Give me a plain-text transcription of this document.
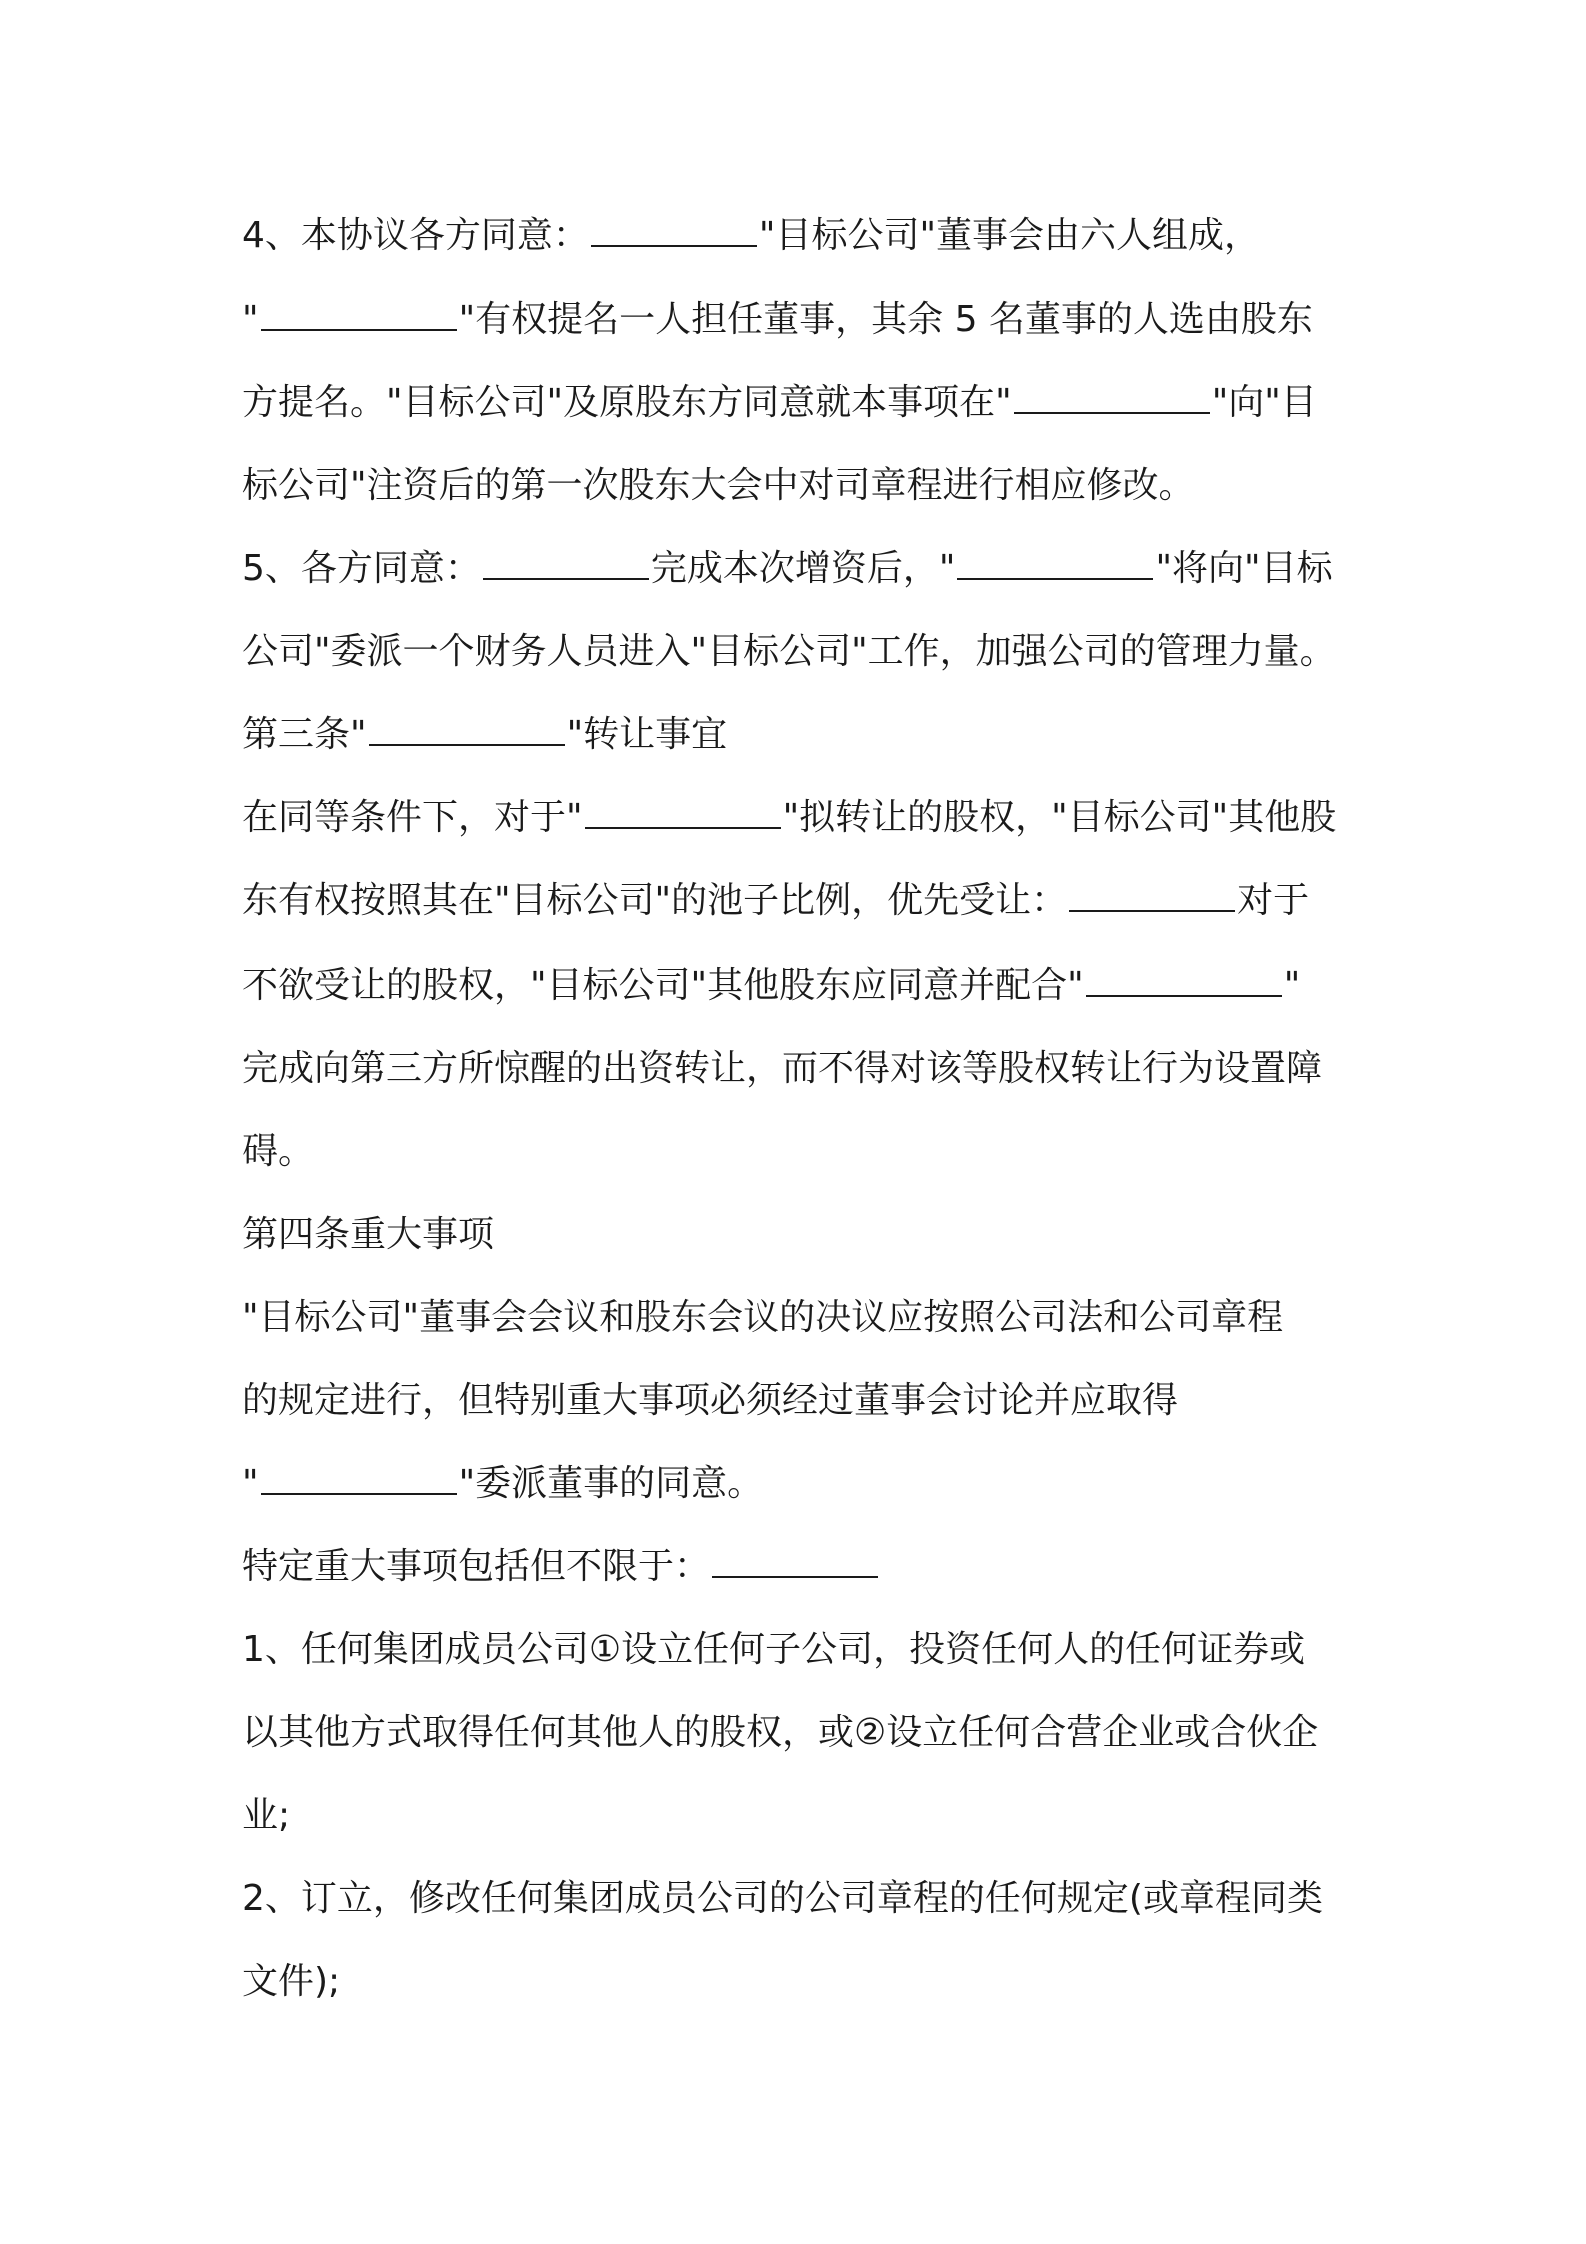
4、本协议各方同意：	"目标公司"董事会由六人组成，
"	"有权提名一人担任董事，其余 5 名董事的人选由股东
方提名。"目标公司"及原股东方同意就本事项在"	"向"目
标公司"注资后的第一次股东大会中对司章程进行相应修改。
5、各方同意：	完成本次增资后，"	"将向"目标
公司"委派一个财务人员进入"目标公司"工作，加强公司的管理力量。
第三条"	"转让事宜
在同等条件下，对于"	"拟转让的股权，"目标公司"其他股
东有权按照其在"目标公司"的池子比例，优先受让：	对于
不欲受让的股权，"目标公司"其他股东应同意并配合"	"
完成向第三方所惊醒的出资转让，而不得对该等股权转让行为设置障
碍。
第四条重大事项
"目标公司"董事会会议和股东会议的决议应按照公司法和公司章程
的规定进行，但特别重大事项必须经过董事会讨论并应取得
"	"委派董事的同意。
特定重大事项包括但不限于：
1、任何集团成员公司①设立任何子公司，投资任何人的任何证券或
以其他方式取得任何其他人的股权，或②设立任何合营企业或合伙企
业;
2、订立，修改任何集团成员公司的公司章程的任何规定(或章程同类
文件);
